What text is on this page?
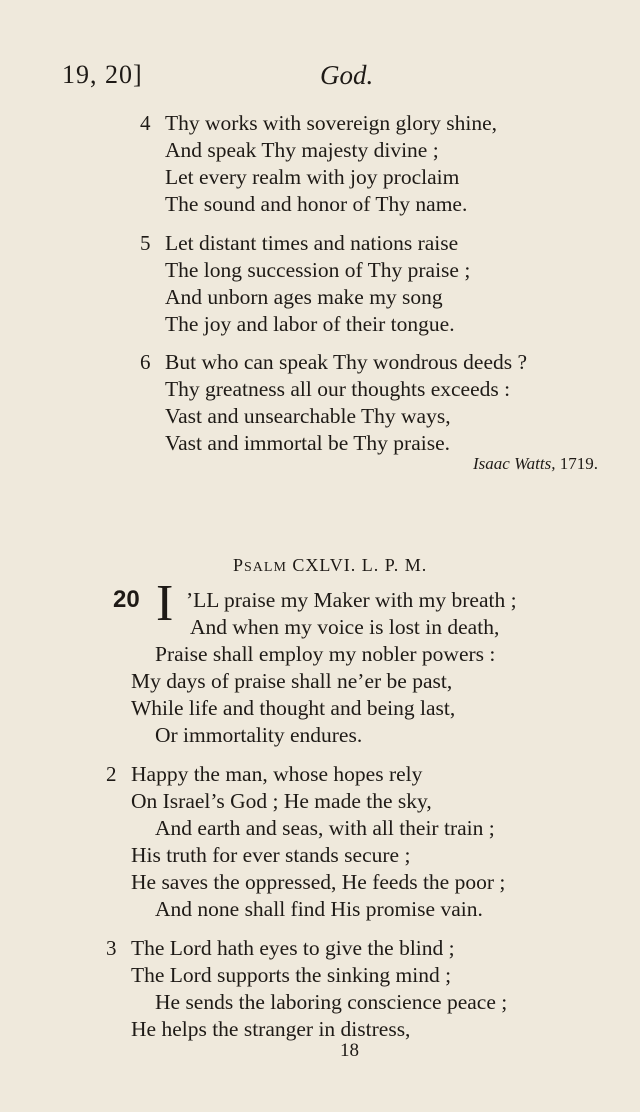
19, 20]	God.
4 Thy works with sovereign glory shine,
And speak Thy majesty divine ;
Let every realm with joy proclaim
The sound and honor of Thy name.
5 Let distant times and nations raise
The long succession of Thy praise ;
And unborn ages make my song
The joy and labor of their tongue.
6 But who can speak Thy wondrous deeds ?
Thy greatness all our thoughts exceeds :
Vast and unsearchable Thy ways,
Vast and immortal be Thy praise.
Isaac Watts, 1719.
PSALM CXLVI. L. P. M.
20 I ’LL praise my Maker with my breath ;
And when my voice is lost in death,
Praise shall employ my nobler powers :
My days of praise shall ne’er be past,
While life and thought and being last,
Or immortality endures.
2 Happy the man, whose hopes rely
On Israel’s God ; He made the sky,
And earth and seas, with all their train ;
His truth for ever stands secure ;
He saves the oppressed, He feeds the poor ;
And none shall find His promise vain.
3 The Lord hath eyes to give the blind ;
The Lord supports the sinking mind ;
He sends the laboring conscience peace ;
He helps the stranger in distress,
18
